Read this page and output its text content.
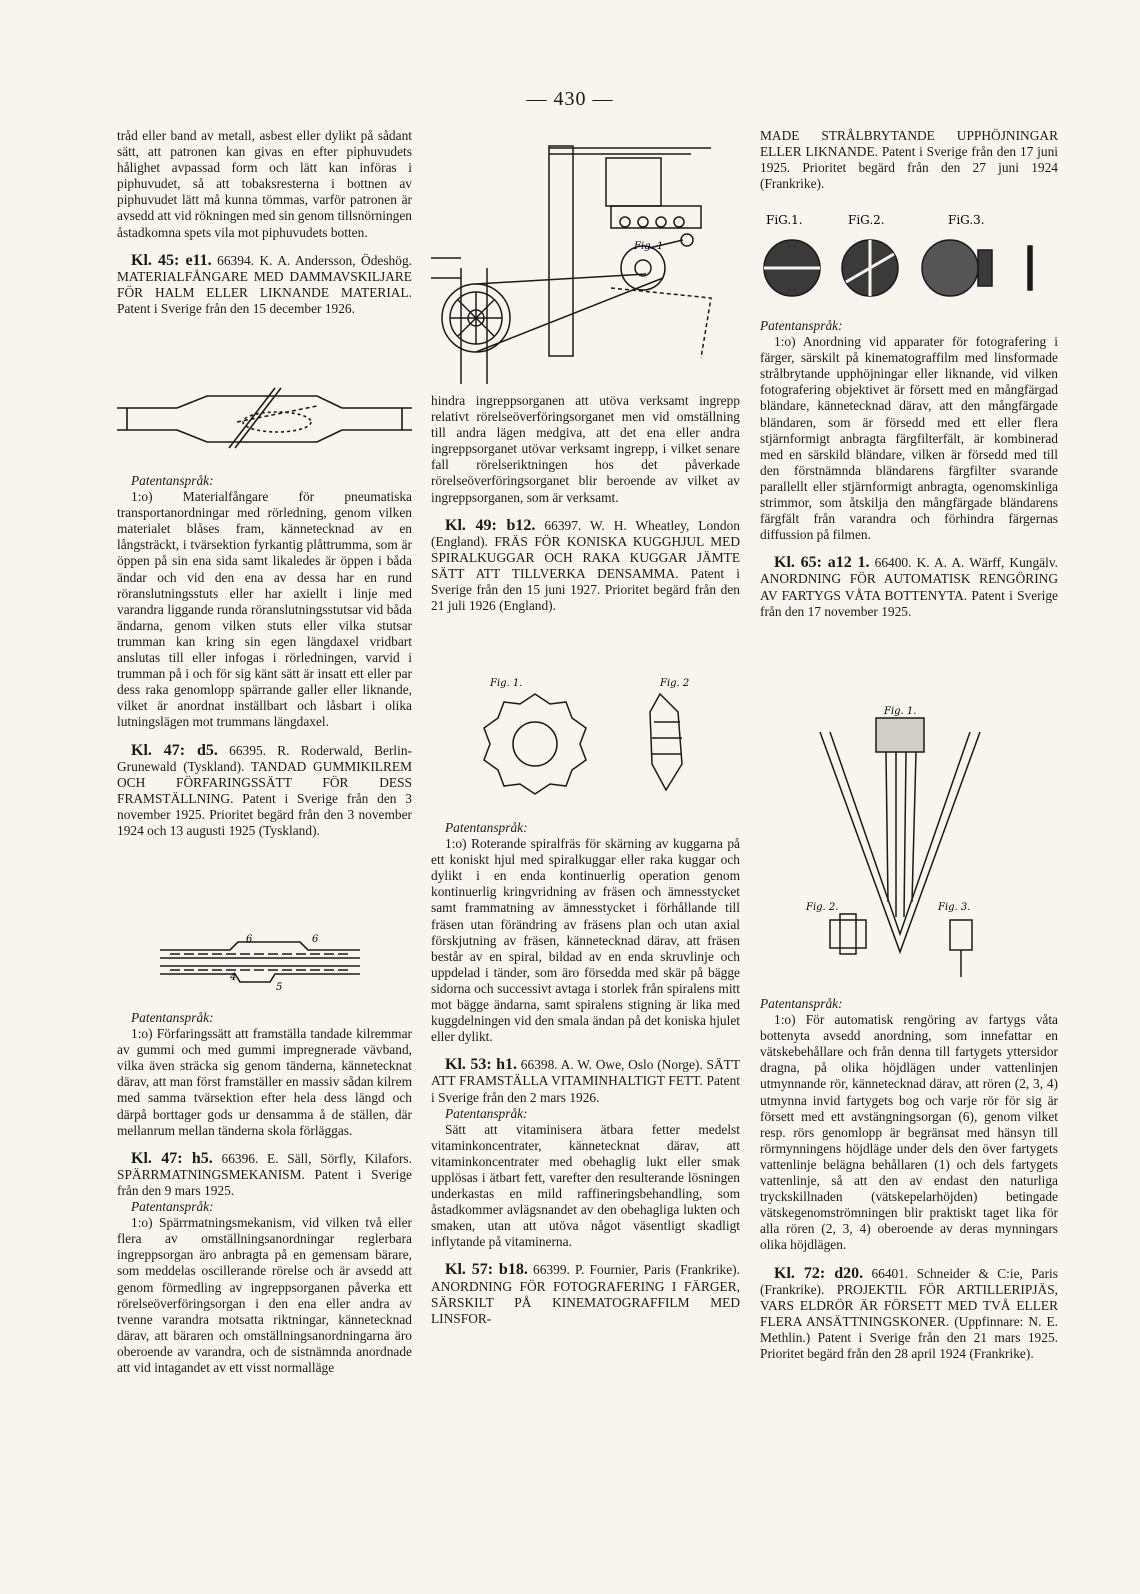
— 430 —

tråd eller band av metall, asbest eller dylikt på sådant sätt, att patronen kan givas en efter piphuvudets hålighet avpassad form och lätt kan införas i piphuvudet, så att tobaksresterna i bottnen av piphuvudet lätt må kunna tömmas, varför patronen är avsedd att vid rökningen med sin genom tillsnörningen åstadkomna spets vila mot piphuvudets botten.

Kl. 45: e11. 66394. K. A. Andersson, Ödeshög. MATERIALFÅNGARE MED DAMMAVSKILJARE FÖR HALM ELLER LIKNANDE MATERIAL. Patent i Sverige från den 15 december 1926.

Patentanspråk:

1:o) Materialfångare för pneumatiska transportanordningar med rörledning, genom vilken materialet blåses fram, kännetecknad av en långsträckt, i tvärsektion fyrkantig plåttrumma, som är öppen på sin ena sida samt likaledes är öppen i båda ändar och vid den ena av dessa har en rund röranslutningsstuts eller har axiellt i linje med varandra liggande runda röranslutningsstutsar vid båda ändarna, genom vilken stuts eller vilka stutsar trumman kan kring sin egen längdaxel vridbart anslutas till eller infogas i rörledningen, varvid i trumman på i och för sig känt sätt är insatt ett eller par dess raka genomlopp spärrande galler eller liknande, vilket är anordnat inställbart och låsbart i olika lutningslägen mot trummans längdaxel.

Kl. 47: d5. 66395. R. Roderwald, Berlin-Grunewald (Tyskland). TANDAD GUMMIKILREM OCH FÖRFARINGSSÄTT FÖR DESS FRAMSTÄLLNING. Patent i Sverige från den 3 november 1925. Prioritet begärd från den 3 november 1924 och 13 augusti 1925 (Tyskland).

6	6
4
5

Patentanspråk:

1:o) Förfaringssätt att framställa tandade kilremmar av gummi och med gummi impregnerade vävband, vilka även sträcka sig genom tänderna, kännetecknat därav, att man först framställer en massiv sådan kilrem med samma tvärsektion efter hela dess längd och därpå borttager gods ur densamma å de ställen, där mellanrum mellan tänderna skola förläggas.

Kl. 47: h5. 66396. E. Säll, Sörfly, Kilafors. SPÄRRMATNINGSMEKANISM. Patent i Sverige från den 9 mars 1925.

Patentanspråk:

1:o) Spärrmatningsmekanism, vid vilken två eller flera av omställningsanordningar reglerbara ingreppsorgan äro anbragta på en gemensam bärare, som meddelas oscillerande rörelse och är avsedd att genom förmedling av ingreppsorganen påverka ett rörelseöverföringsorgan i den ena eller andra av tvenne varandra motsatta riktningar, kännetecknad därav, att bäraren och omställningsanordningarna äro oberoende av varandra, och de sistnämnda anordnade att vid intagandet av ett visst normalläge

Fig. 1

hindra ingreppsorganen att utöva verksamt ingrepp relativt rörelseöverföringsorganet men vid omställning till andra lägen medgiva, att det ena eller andra ingreppsorganet utövar verksamt ingrepp, i vilket senare fall rörelseriktningen hos det påverkade rörelseöverföringsorganet blir beroende av vilket av ingreppsorganen, som är verksamt.

Kl. 49: b12. 66397. W. H. Wheatley, London (England). FRÄS FÖR KONISKA KUGGHJUL MED SPIRALKUGGAR OCH RAKA KUGGAR JÄMTE SÄTT ATT TILLVERKA DENSAMMA. Patent i Sverige från den 15 juni 1927. Prioritet begärd från den 21 juli 1926 (England).

Fig. 1.	Fig. 2

Patentanspråk:

1:o) Roterande spiralfräs för skärning av kuggarna på ett koniskt hjul med spiralkuggar eller raka kuggar och dylikt i en enda kontinuerlig operation genom kontinuerlig kringvridning av fräsen och ämnesstycket samt frammatning av ämnesstycket i förhållande till fräsen utan förändring av fräsens plan och utan axial förskjutning av fräsen, kännetecknad därav, att fräsen består av en spiral, bildad av en enda skruvlinje och uppdelad i tänder, som äro försedda med skär på bägge sidorna och successivt avtaga i storlek från spiralens mitt mot bägge ändarna, samt spiralens stigning är lika med kuggdelningen vid den smala ändan på det koniska hjulet eller dylikt.

Kl. 53: h1. 66398. A. W. Owe, Oslo (Norge). SÄTT ATT FRAMSTÄLLA VITAMINHALTIGT FETT. Patent i Sverige från den 2 mars 1926.

Patentanspråk:

Sätt att vitaminisera ätbara fetter medelst vitaminkoncentrater, kännetecknat därav, att vitaminkoncentrater med obehaglig lukt eller smak upplösas i ätbart fett, varefter den resulterande lösningen underkastas en mild raffineringsbehandling, som åstadkommer avlägsnandet av den obehagliga lukten och smaken, utan att utöva något väsentligt skadligt inflytande på vitaminerna.

Kl. 57: b18. 66399. P. Fournier, Paris (Frankrike). ANORDNING FÖR FOTOGRAFERING I FÄRGER, SÄRSKILT PÅ KINEMATOGRAFFILM MED LINSFOR-

MADE STRÅLBRYTANDE UPPHÖJNINGAR ELLER LIKNANDE. Patent i Sverige från den 17 juni 1925. Prioritet begärd från den 27 juni 1924 (Frankrike).

FiG.1.	FiG.2.	FiG.3.

Patentanspråk:

1:o) Anordning vid apparater för fotografering i färger, särskilt på kinematograffilm med linsformade strålbrytande upphöjningar eller liknande, vid vilken fotografering objektivet är försett med en mångfärgad bländare, kännetecknad därav, att den mångfärgade bländaren, som är försedd med ett eller flera stjärnformigt anbragta färgfilterfält, är kombinerad med en särskild bländare, vilken är försedd med till den förstnämnda bländarens färgfilter svarande parallellt eller stjärnformigt anbragta, ogenomskinliga strimmor, som åtskilja den mångfärgade bländarens färgfält från varandra och förhindra färgernas diffussion på filmen.

Kl. 65: a12 1. 66400. K. A. A. Wärff, Kungälv. ANORDNING FÖR AUTOMATISK RENGÖRING AV FARTYGS VÅTA BOTTENYTA. Patent i Sverige från den 17 november 1925.

Fig. 1.
Fig. 2.	Fig. 3.

Patentanspråk:

1:o) För automatisk rengöring av fartygs våta bottenyta avsedd anordning, som innefattar en vätskebehållare och från denna till fartygets yttersidor dragna, på olika höjdlägen under vattenlinjen utmynnande rör, kännetecknad därav, att rören (2, 3, 4) utmynna invid fartygets bog och varje rör för sig är försett med ett avstängningsorgan (6), genom vilket resp. rörs genomlopp är begränsat med hänsyn till rörmynningens höjdläge under dels den över fartygets vattenlinje belägna behållaren (1) och dels fartygets vattenlinje, så att den av endast den naturliga tryckskillnaden (vätskepelarhöjden) betingade vätskegenomströmningen blir praktiskt taget lika för alla rören (2, 3, 4) oberoende av deras mynningars olika höjdlägen.

Kl. 72: d20. 66401. Schneider & C:ie, Paris (Frankrike). PROJEKTIL FÖR ARTILLERIPJÄS, VARS ELDRÖR ÄR FÖRSETT MED TVÅ ELLER FLERA ANSÄTTNINGSKONER. (Uppfinnare: N. E. Methlin.) Patent i Sverige från den 21 mars 1925. Prioritet begärd från den 28 april 1924 (Frankrike).
